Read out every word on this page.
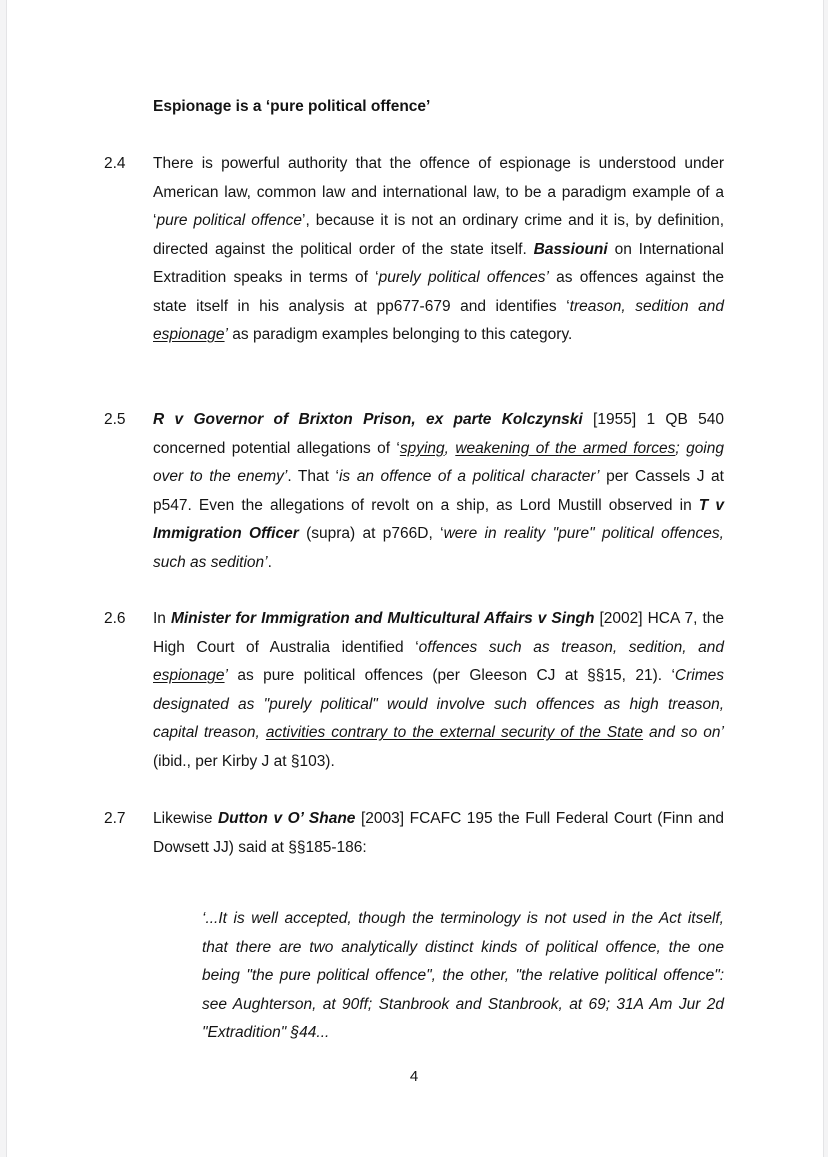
Espionage is a ‘pure political offence’
2.4 There is powerful authority that the offence of espionage is understood under American law, common law and international law, to be a paradigm example of a ‘pure political offence’, because it is not an ordinary crime and it is, by definition, directed against the political order of the state itself. Bassiouni on International Extradition speaks in terms of ‘purely political offences’ as offences against the state itself in his analysis at pp677-679 and identifies ‘treason, sedition and espionage’ as paradigm examples belonging to this category.

2.5 R v Governor of Brixton Prison, ex parte Kolczynski [1955] 1 QB 540 concerned potential allegations of ‘spying, weakening of the armed forces; going over to the enemy’. That ‘is an offence of a political character’ per Cassels J at p547. Even the allegations of revolt on a ship, as Lord Mustill observed in T v Immigration Officer (supra) at p766D, ‘were in reality "pure" political offences, such as sedition’.

2.6 In Minister for Immigration and Multicultural Affairs v Singh [2002] HCA 7, the High Court of Australia identified ‘offences such as treason, sedition, and espionage’ as pure political offences (per Gleeson CJ at §§15, 21). ‘Crimes designated as "purely political" would involve such offences as high treason, capital treason, activities contrary to the external security of the State and so on’ (ibid., per Kirby J at §103).

2.7 Likewise Dutton v O’ Shane [2003] FCAFC 195 the Full Federal Court (Finn and Dowsett JJ) said at §§185-186:

‘...It is well accepted, though the terminology is not used in the Act itself, that there are two analytically distinct kinds of political offence, the one being "the pure political offence", the other, "the relative political offence": see Aughterson, at 90ff; Stanbrook and Stanbrook, at 69; 31A Am Jur 2d "Extradition" §44...

4
